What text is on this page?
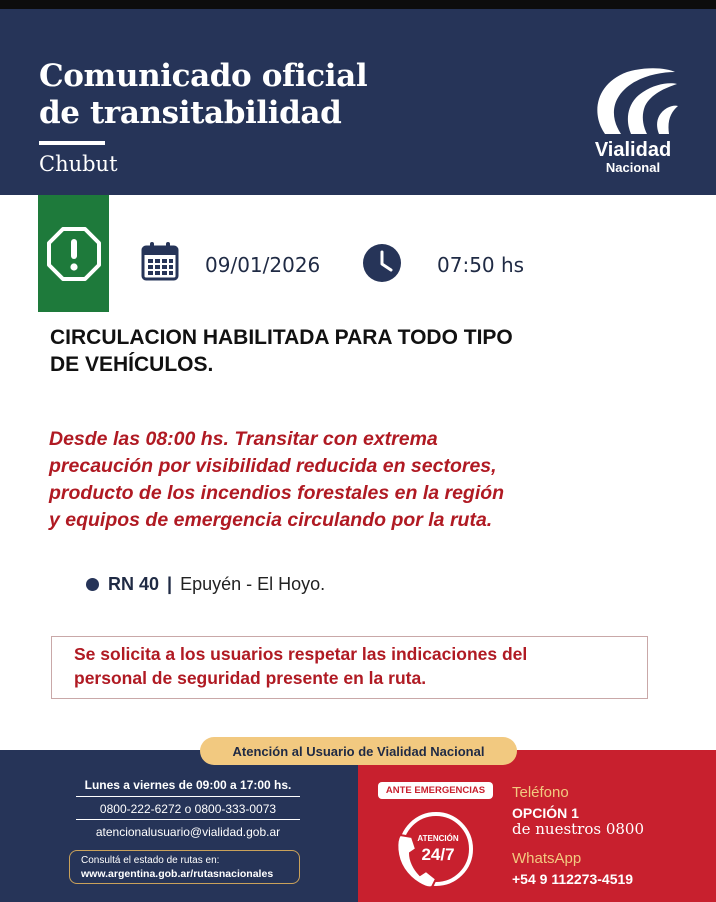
Comunicado oficial
de transitabilidad
Chubut
Vialidad
Nacional
09/01/2026	07:50 hs
CIRCULACION HABILITADA PARA TODO TIPO DE VEHÍCULOS.
Desde las 08:00 hs. Transitar con extrema
precaución por visibilidad reducida en sectores,
producto de los incendios forestales en la región
y equipos de emergencia circulando por la ruta.
RN 40 | Epuyén - El Hoyo.
Se solicita a los usuarios respetar las indicaciones del
personal de seguridad presente en la ruta.
Atención al Usuario de Vialidad Nacional
Lunes a viernes de 09:00 a 17:00 hs.
0800-222-6272 o 0800-333-0073
atencionalusuario@vialidad.gob.ar
Consultá el estado de rutas en:
www.argentina.gob.ar/rutasnacionales
ANTE EMERGENCIAS
ATENCIÓN
24/7
Teléfono
OPCIÓN 1
de nuestros 0800
WhatsApp
+54 9 112273-4519
